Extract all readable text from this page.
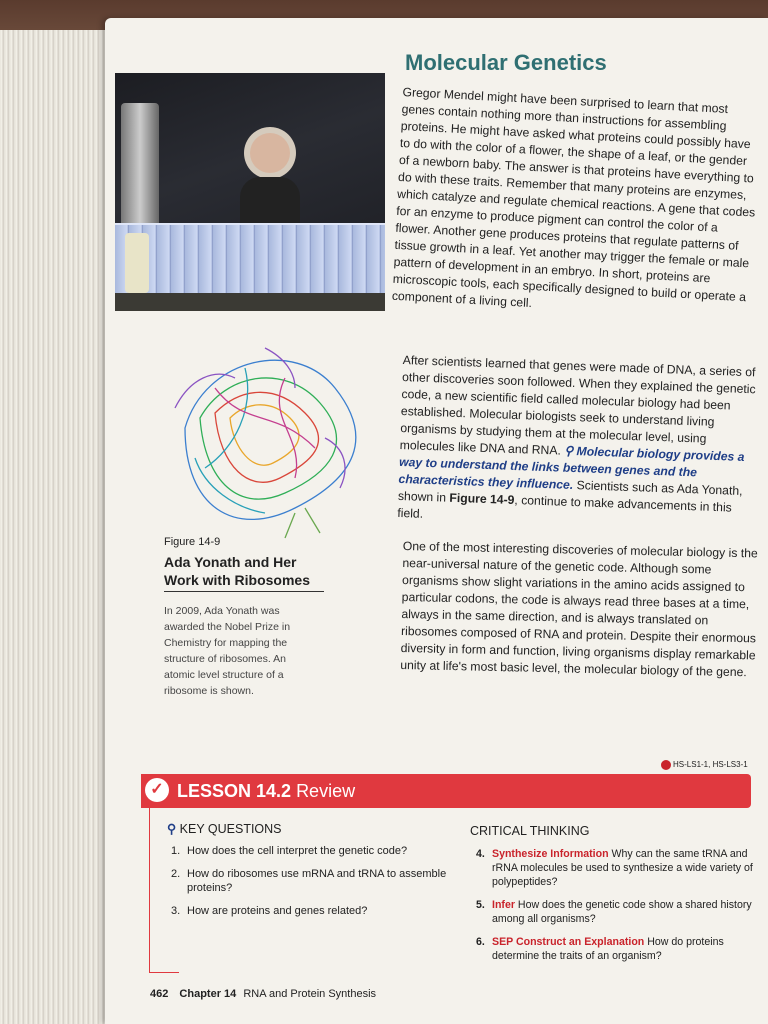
Figure 14-9
Ada Yonath and Her Work with Ribosomes
In 2009, Ada Yonath was awarded the Nobel Prize in Chemistry for mapping the structure of ribosomes. An atomic level structure of a ribosome is shown.
Molecular Genetics

Gregor Mendel might have been surprised to learn that most genes contain nothing more than instructions for assembling proteins. He might have asked what proteins could possibly have to do with the color of a flower, the shape of a leaf, or the gender of a newborn baby. The answer is that proteins have everything to do with these traits. Remember that many proteins are enzymes, which catalyze and regulate chemical reactions. A gene that codes for an enzyme to produce pigment can control the color of a flower. Another gene produces proteins that regulate patterns of tissue growth in a leaf. Yet another may trigger the female or male pattern of development in an embryo. In short, proteins are microscopic tools, each specifically designed to build or operate a component of a living cell.

After scientists learned that genes were made of DNA, a series of other discoveries soon followed. When they explained the genetic code, a new scientific field called molecular biology had been established. Molecular biologists seek to understand living organisms by studying them at the molecular level, using molecules like DNA and RNA. ⚲ Molecular biology provides a way to understand the links between genes and the characteristics they influence. Scientists such as Ada Yonath, shown in Figure 14-9, continue to make advancements in this field.

One of the most interesting discoveries of molecular biology is the near-universal nature of the genetic code. Although some organisms show slight variations in the amino acids assigned to particular codons, the code is always read three bases at a time, always in the same direction, and is always translated on ribosomes composed of RNA and protein. Despite their enormous diversity in form and function, living organisms display remarkable unity at life's most basic level, the molecular biology of the gene.

HS-LS1-1, HS-LS3-1
✓ LESSON 14.2 Review
⚲ KEY QUESTIONS
1. How does the cell interpret the genetic code?
2. How do ribosomes use mRNA and tRNA to assemble proteins?
3. How are proteins and genes related?
CRITICAL THINKING
4. Synthesize Information Why can the same tRNA and rRNA molecules be used to synthesize a wide variety of polypeptides?
5. Infer How does the genetic code show a shared history among all organisms?
6. SEP Construct an Explanation How do proteins determine the traits of an organism?
462 Chapter 14 RNA and Protein Synthesis
